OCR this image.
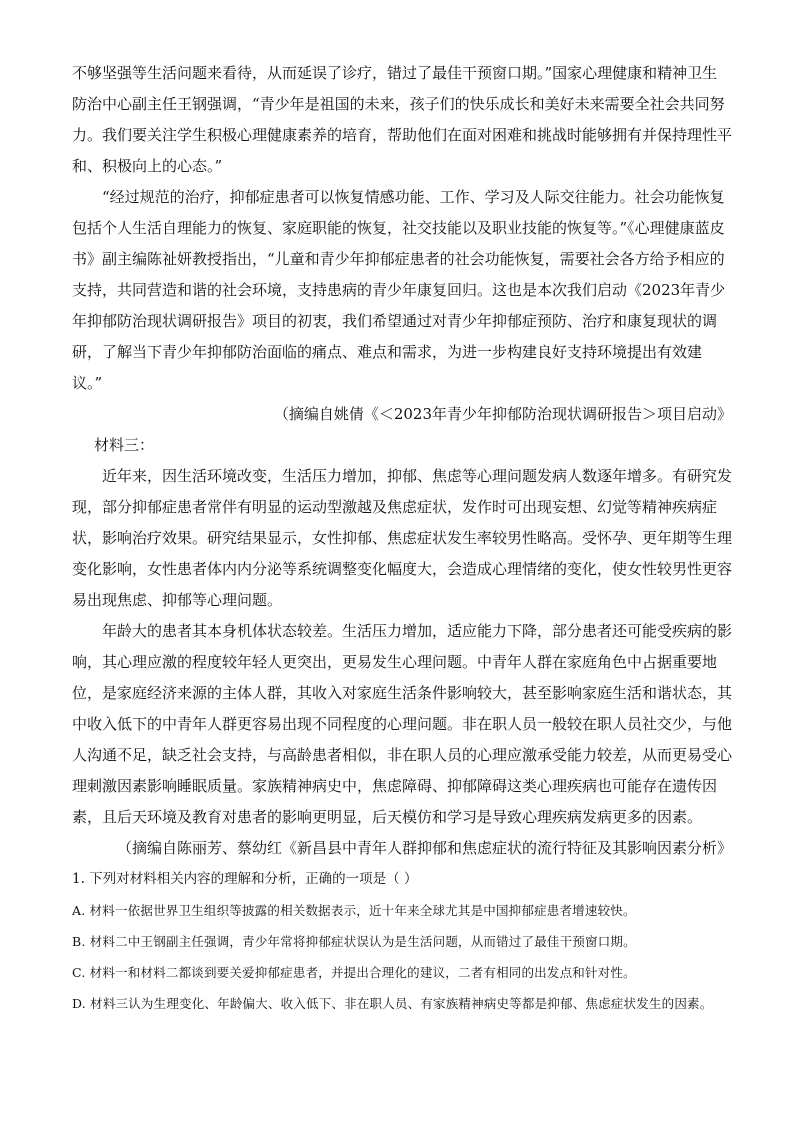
不够坚强等生活问题来看待，从而延误了诊疗，错过了最佳干预窗口期。”国家心理健康和精神卫生防治中心副主任王钢强调，“青少年是祖国的未来，孩子们的快乐成长和美好未来需要全社会共同努力。我们要关注学生积极心理健康素养的培育，帮助他们在面对困难和挑战时能够拥有并保持理性平和、积极向上的心态。”

“经过规范的治疗，抑郁症患者可以恢复情感功能、工作、学习及人际交往能力。社会功能恢复包括个人生活自理能力的恢复、家庭职能的恢复，社交技能以及职业技能的恢复等。”《心理健康蓝皮书》副主编陈祉妍教授指出，“儿童和青少年抑郁症患者的社会功能恢复，需要社会各方给予相应的支持，共同营造和谐的社会环境，支持患病的青少年康复回归。这也是本次我们启动《2023年青少年抑郁防治现状调研报告》项目的初衷，我们希望通过对青少年抑郁症预防、治疗和康复现状的调研，了解当下青少年抑郁防治面临的痛点、难点和需求，为进一步构建良好支持环境提出有效建议。”

（摘编自姚倩《＜2023年青少年抑郁防治现状调研报告＞项目启动》

材料三：

近年来，因生活环境改变，生活压力增加，抑郁、焦虑等心理问题发病人数逐年增多。有研究发现，部分抑郁症患者常伴有明显的运动型激越及焦虑症状，发作时可出现妄想、幻觉等精神疾病症状，影响治疗效果。研究结果显示，女性抑郁、焦虑症状发生率较男性略高。受怀孕、更年期等生理变化影响，女性患者体内内分泌等系统调整变化幅度大，会造成心理情绪的变化，使女性较男性更容易出现焦虑、抑郁等心理问题。

年龄大的患者其本身机体状态较差。生活压力增加，适应能力下降，部分患者还可能受疾病的影响，其心理应激的程度较年轻人更突出，更易发生心理问题。中青年人群在家庭角色中占据重要地位，是家庭经济来源的主体人群，其收入对家庭生活条件影响较大，甚至影响家庭生活和谐状态，其中收入低下的中青年人群更容易出现不同程度的心理问题。非在职人员一般较在职人员社交少，与他人沟通不足，缺乏社会支持，与高龄患者相似，非在职人员的心理应激承受能力较差，从而更易受心理刺激因素影响睡眠质量。家族精神病史中，焦虑障碍、抑郁障碍这类心理疾病也可能存在遗传因素，且后天环境及教育对患者的影响更明显，后天模仿和学习是导致心理疾病发病更多的因素。

（摘编自陈丽芳、蔡幼红《新昌县中青年人群抑郁和焦虑症状的流行特征及其影响因素分析》

1. 下列对材料相关内容的理解和分析，正确的一项是（ ）

A. 材料一依据世界卫生组织等披露的相关数据表示，近十年来全球尤其是中国抑郁症患者增速较快。

B. 材料二中王钢副主任强调，青少年常将抑郁症状误认为是生活问题，从而错过了最佳干预窗口期。

C. 材料一和材料二都谈到要关爱抑郁症患者，并提出合理化的建议，二者有相同的出发点和针对性。

D. 材料三认为生理变化、年龄偏大、收入低下、非在职人员、有家族精神病史等都是抑郁、焦虑症状发生的因素。
